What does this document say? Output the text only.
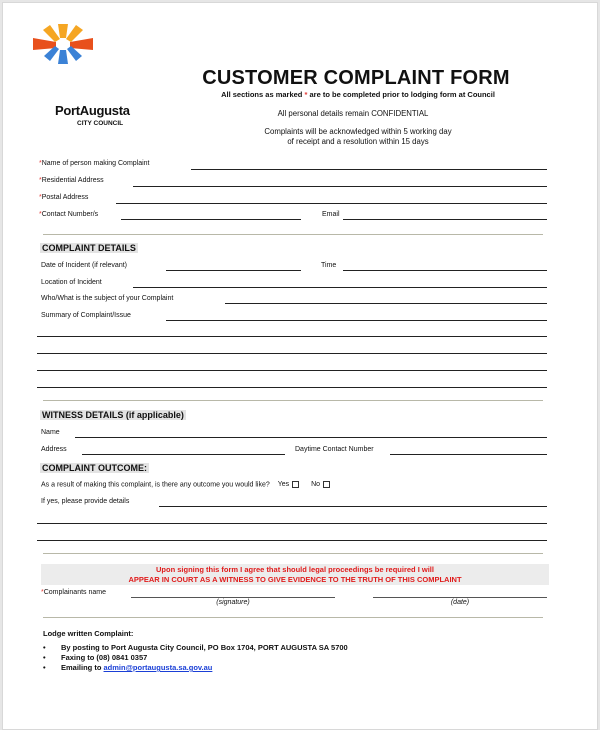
PortAugusta
CITY COUNCIL
CUSTOMER COMPLAINT FORM
All sections as marked * are to be completed prior to lodging form at Council
All personal details remain CONFIDENTIAL
Complaints will be acknowledged within 5 working day
of receipt and a resolution within 15 days
*Name of person making Complaint
*Residential Address
*Postal Address
*Contact Number/s	Email
COMPLAINT DETAILS
Date of Incident (if relevant)	Time
Location of Incident
Who/What is the subject of your Complaint
Summary of Complaint/Issue
WITNESS DETAILS (if applicable)
Name
Address	Daytime Contact Number
COMPLAINT OUTCOME:
As a result of making this complaint, is there any outcome you would like? Yes	No
If yes, please provide details
Upon signing this form I agree that should legal proceedings be required I will
APPEAR IN COURT AS A WITNESS TO GIVE EVIDENCE TO THE TRUTH OF THIS COMPLAINT
*Complainants name
(signature)	(date)
Lodge written Complaint:
•	By posting to Port Augusta City Council, PO Box 1704, PORT AUGUSTA SA 5700
•	Faxing to (08) 0841 0357
•	Emailing to
admin@portaugusta.sa.gov.au
